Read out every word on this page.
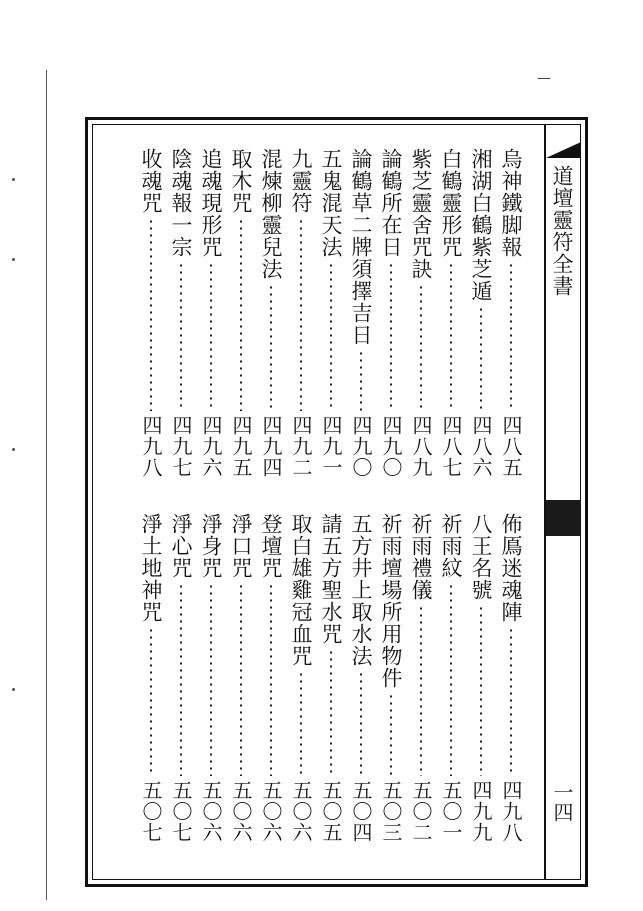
道壇靈符全書
一四
烏神鐵脚報
四八五
佈鳫迷魂陣
四九八
湘湖白鶴紫芝遁
四八六
八王名號
四九九
白鶴靈形咒
四八七
祈雨紋
五〇一
紫芝靈舍咒訣
四八九
祈雨禮儀
五〇二
論鶴所在日
四九〇
祈雨壇場所用物件
五〇三
論鶴草二牌須擇吉日
四九〇
五方井上取水法
五〇四
五鬼混天法
四九一
請五方聖水咒
五〇五
九靈符
四九二
取白雄雞冠血咒
五〇六
混煉柳靈兒法
四九四
登壇咒
五〇六
取木咒
四九五
淨口咒
五〇六
追魂現形咒
四九六
淨身咒
五〇六
陰魂報一宗
四九七
淨心咒
五〇七
收魂咒
四九八
淨土地神咒
五〇七
